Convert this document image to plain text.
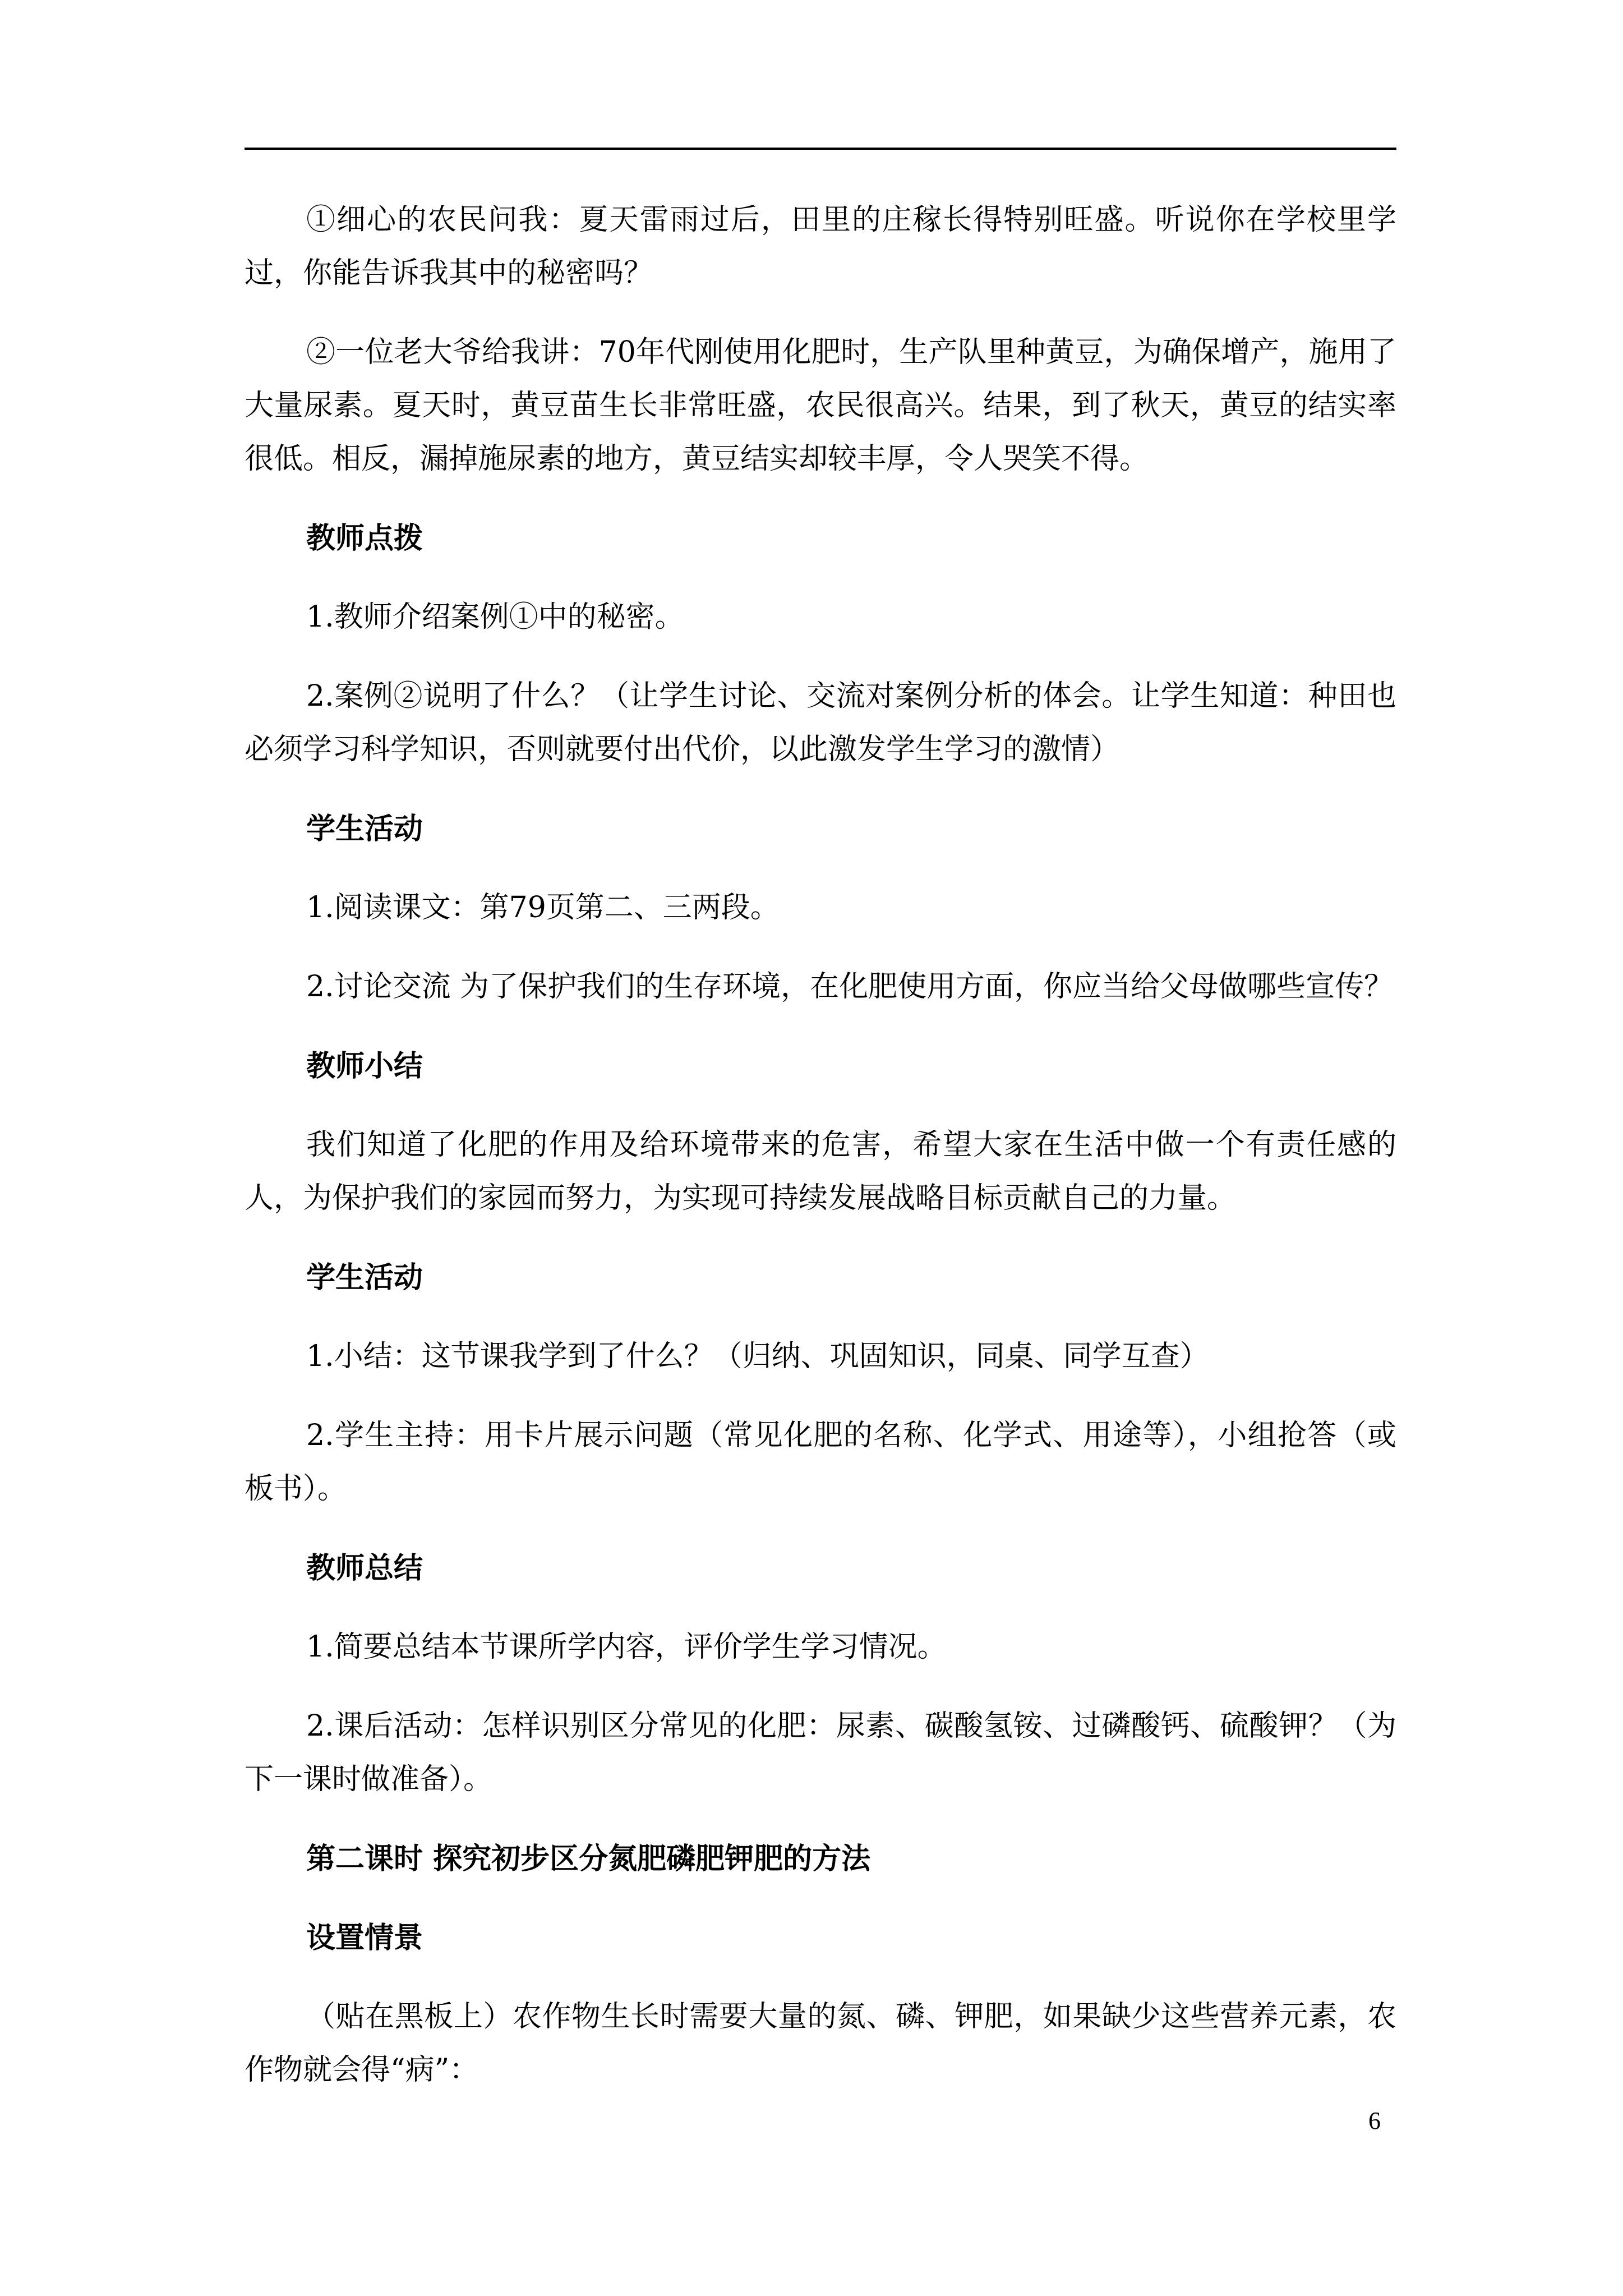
①细心的农民问我：夏天雷雨过后，田里的庄稼长得特别旺盛。听说你在学校里学过，你能告诉我其中的秘密吗？

②一位老大爷给我讲：70年代刚使用化肥时，生产队里种黄豆，为确保增产，施用了大量尿素。夏天时，黄豆苗生长非常旺盛，农民很高兴。结果，到了秋天，黄豆的结实率很低。相反，漏掉施尿素的地方，黄豆结实却较丰厚，令人哭笑不得。

教师点拨

1.教师介绍案例①中的秘密。

2.案例②说明了什么？（让学生讨论、交流对案例分析的体会。让学生知道：种田也必须学习科学知识，否则就要付出代价，以此激发学生学习的激情）

学生活动

1.阅读课文：第79页第二、三两段。

2.讨论交流 为了保护我们的生存环境，在化肥使用方面，你应当给父母做哪些宣传？

教师小结

我们知道了化肥的作用及给环境带来的危害，希望大家在生活中做一个有责任感的人，为保护我们的家园而努力，为实现可持续发展战略目标贡献自己的力量。

学生活动

1.小结：这节课我学到了什么？（归纳、巩固知识，同桌、同学互查）

2.学生主持：用卡片展示问题（常见化肥的名称、化学式、用途等），小组抢答（或板书）。

教师总结

1.简要总结本节课所学内容，评价学生学习情况。

2.课后活动：怎样识别区分常见的化肥：尿素、碳酸氢铵、过磷酸钙、硫酸钾？（为下一课时做准备）。

第二课时 探究初步区分氮肥磷肥钾肥的方法

设置情景

（贴在黑板上）农作物生长时需要大量的氮、磷、钾肥，如果缺少这些营养元素，农作物就会得“病”：

6
